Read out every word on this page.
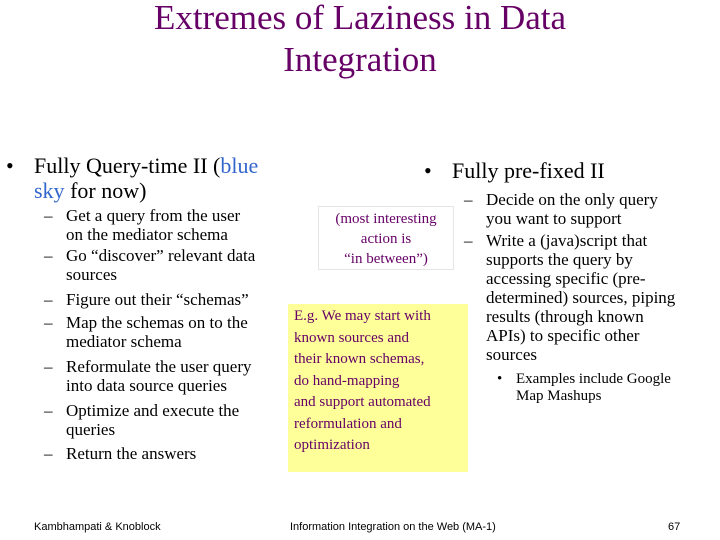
Extremes of Laziness in Data
Integration
• Fully Query-time II (blue
sky for now)
– Get a query from the user
on the mediator schema
– Go “discover” relevant data
sources
– Figure out their “schemas”
– Map the schemas on to the
mediator schema
– Reformulate the user query
into data source queries
– Optimize and execute the
queries
– Return the answers
(most interesting
action is
“in between”)
E.g. We may start with
known sources and
their known schemas,
do hand-mapping
and support automated
reformulation and
optimization
• Fully pre-fixed II
– Decide on the only query
you want to support
– Write a (java)script that
supports the query by
accessing specific (pre-
determined) sources, piping
results (through known
APIs) to specific other
sources
• Examples include Google
Map Mashups
Kambhampati & Knoblock	Information Integration on the Web (MA-1)	67
